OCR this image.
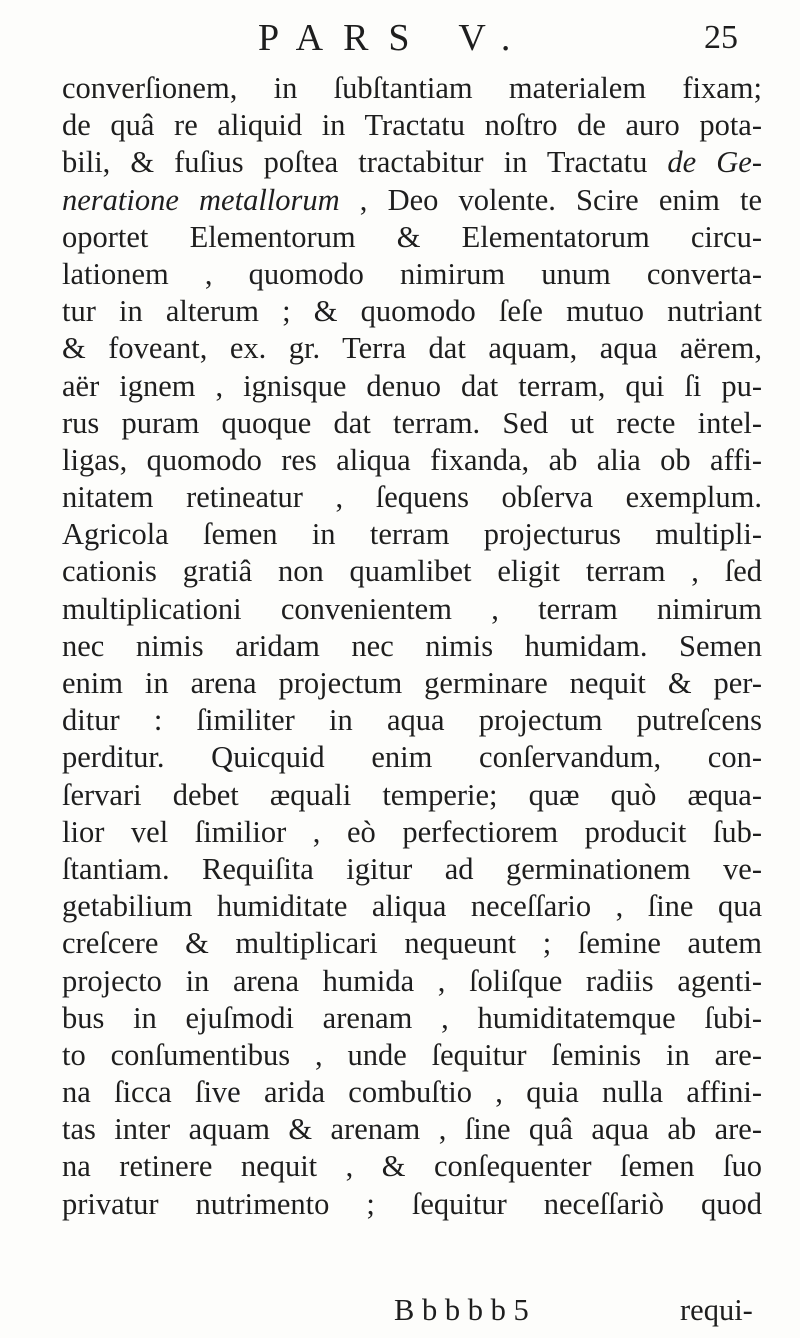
PARS V.	25
converſionem, in ſubſtantiam materialem fixam;
de quâ re aliquid in Tractatu noſtro de auro pota-
bili, & fuſius poſtea tractabitur in Tractatu de Ge-
neratione metallorum , Deo volente. Scire enim te
oportet Elementorum & Elementatorum circu-
lationem , quomodo nimirum unum converta-
tur in alterum ; & quomodo ſeſe mutuo nutriant
& foveant, ex. gr. Terra dat aquam, aqua aërem,
aër ignem , ignisque denuo dat terram, qui ſi pu-
rus puram quoque dat terram. Sed ut recte intel-
ligas, quomodo res aliqua fixanda, ab alia ob affi-
nitatem retineatur , ſequens obſerva exemplum.
Agricola ſemen in terram projecturus multipli-
cationis gratiâ non quamlibet eligit terram , ſed
multiplicationi convenientem , terram nimirum
nec nimis aridam nec nimis humidam. Semen
enim in arena projectum germinare nequit & per-
ditur : ſimiliter in aqua projectum putreſcens
perditur. Quicquid enim conſervandum, con-
ſervari debet æquali temperie; quæ quò æqua-
lior vel ſimilior , eò perfectiorem producit ſub-
ſtantiam. Requiſita igitur ad germinationem ve-
getabilium humiditate aliqua neceſſario , ſine qua
creſcere & multiplicari nequeunt ; ſemine autem
projecto in arena humida , ſoliſque radiis agenti-
bus in ejuſmodi arenam , humiditatemque ſubi-
to conſumentibus , unde ſequitur ſeminis in are-
na ſicca ſive arida combuſtio , quia nulla affini-
tas inter aquam & arenam , ſine quâ aqua ab are-
na retinere nequit , & conſequenter ſemen ſuo
privatur nutrimento ; ſequitur neceſſariò quod
B b b b b 5	requi-
